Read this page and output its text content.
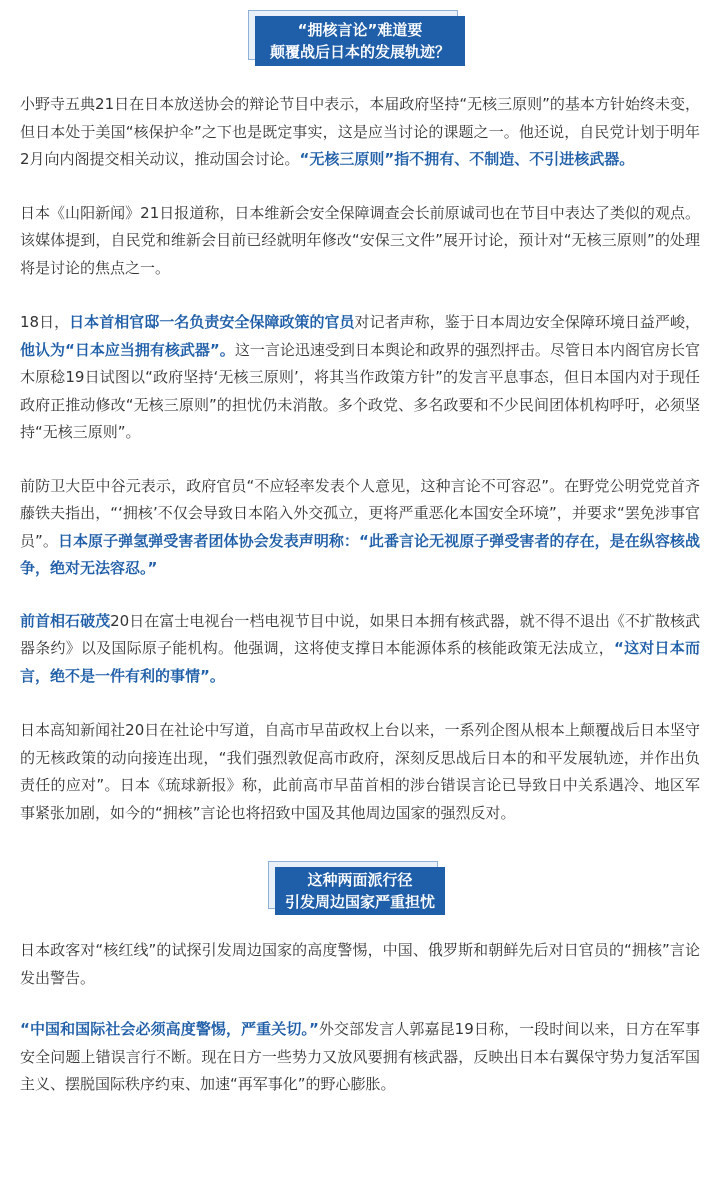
“拥核言论”难道要
颠覆战后日本的发展轨迹？

小野寺五典21日在日本放送协会的辩论节目中表示，本届政府坚持“无核三原则”的基本方针始终未变，但日本处于美国“核保护伞”之下也是既定事实，这是应当讨论的课题之一。他还说，自民党计划于明年2月向内阁提交相关动议，推动国会讨论。“无核三原则”指不拥有、不制造、不引进核武器。

日本《山阳新闻》21日报道称，日本维新会安全保障调查会长前原诚司也在节目中表达了类似的观点。该媒体提到，自民党和维新会目前已经就明年修改“安保三文件”展开讨论，预计对“无核三原则”的处理将是讨论的焦点之一。

18日，日本首相官邸一名负责安全保障政策的官员对记者声称，鉴于日本周边安全保障环境日益严峻，他认为“日本应当拥有核武器”。这一言论迅速受到日本舆论和政界的强烈抨击。尽管日本内阁官房长官木原稔19日试图以“政府坚持‘无核三原则’，将其当作政策方针”的发言平息事态，但日本国内对于现任政府正推动修改“无核三原则”的担忧仍未消散。多个政党、多名政要和不少民间团体机构呼吁，必须坚持“无核三原则”。

前防卫大臣中谷元表示，政府官员“不应轻率发表个人意见，这种言论不可容忍”。在野党公明党党首齐藤铁夫指出，“‘拥核’不仅会导致日本陷入外交孤立，更将严重恶化本国安全环境”，并要求“罢免涉事官员”。日本原子弹氢弹受害者团体协会发表声明称：“此番言论无视原子弹受害者的存在，是在纵容核战争，绝对无法容忍。”

前首相石破茂20日在富士电视台一档电视节目中说，如果日本拥有核武器，就不得不退出《不扩散核武器条约》以及国际原子能机构。他强调，这将使支撑日本能源体系的核能政策无法成立，“这对日本而言，绝不是一件有利的事情”。

日本高知新闻社20日在社论中写道，自高市早苗政权上台以来，一系列企图从根本上颠覆战后日本坚守的无核政策的动向接连出现，“我们强烈敦促高市政府，深刻反思战后日本的和平发展轨迹，并作出负责任的应对”。日本《琉球新报》称，此前高市早苗首相的涉台错误言论已导致日中关系遇冷、地区军事紧张加剧，如今的“拥核”言论也将招致中国及其他周边国家的强烈反对。

这种两面派行径
引发周边国家严重担忧

日本政客对“核红线”的试探引发周边国家的高度警惕，中国、俄罗斯和朝鲜先后对日官员的“拥核”言论发出警告。

“中国和国际社会必须高度警惕，严重关切。”外交部发言人郭嘉昆19日称，一段时间以来，日方在军事安全问题上错误言行不断。现在日方一些势力又放风要拥有核武器，反映出日本右翼保守势力复活军国主义、摆脱国际秩序约束、加速“再军事化”的野心膨胀。
